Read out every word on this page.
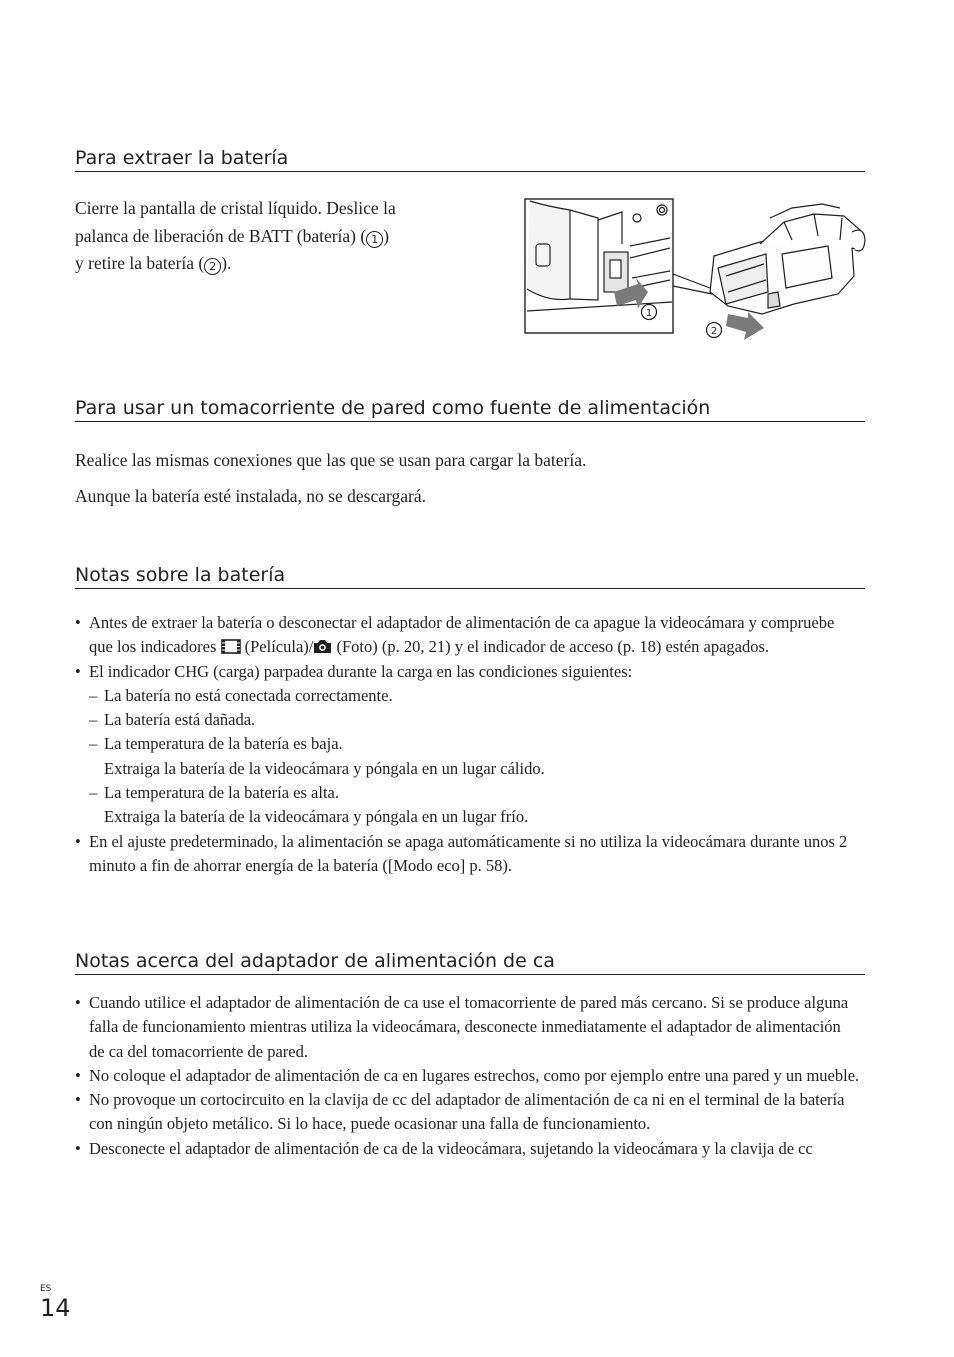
Para extraer la batería

Cierre la pantalla de cristal líquido. Deslice la
palanca de liberación de BATT (batería) ( 1 )
y retire la batería ( 2 ).

1
2
Para usar un tomacorriente de pared como fuente de alimentación
Realice las mismas conexiones que las que se usan para cargar la batería.
Aunque la batería esté instalada, no se descargará.
Notas sobre la batería
• Antes de extraer la batería o desconectar el adaptador de alimentación de ca apague la videocámara y compruebe que los indicadores  (Película)/ (Foto) (p. 20, 21) y el indicador de acceso (p. 18) estén apagados.
• El indicador CHG (carga) parpadea durante la carga en las condiciones siguientes:
– La batería no está conectada correctamente.
– La batería está dañada.
– La temperatura de la batería es baja.
Extraiga la batería de la videocámara y póngala en un lugar cálido.
– La temperatura de la batería es alta.
Extraiga la batería de la videocámara y póngala en un lugar frío.
• En el ajuste predeterminado, la alimentación se apaga automáticamente si no utiliza la videocámara durante unos 2 minuto a fin de ahorrar energía de la batería ([Modo eco] p. 58).
Notas acerca del adaptador de alimentación de ca
• Cuando utilice el adaptador de alimentación de ca use el tomacorriente de pared más cercano. Si se produce alguna falla de funcionamiento mientras utiliza la videocámara, desconecte inmediatamente el adaptador de alimentación de ca del tomacorriente de pared.
• No coloque el adaptador de alimentación de ca en lugares estrechos, como por ejemplo entre una pared y un mueble.
• No provoque un cortocircuito en la clavija de cc del adaptador de alimentación de ca ni en el terminal de la batería con ningún objeto metálico. Si lo hace, puede ocasionar una falla de funcionamiento.
• Desconecte el adaptador de alimentación de ca de la videocámara, sujetando la videocámara y la clavija de cc
ES
14
